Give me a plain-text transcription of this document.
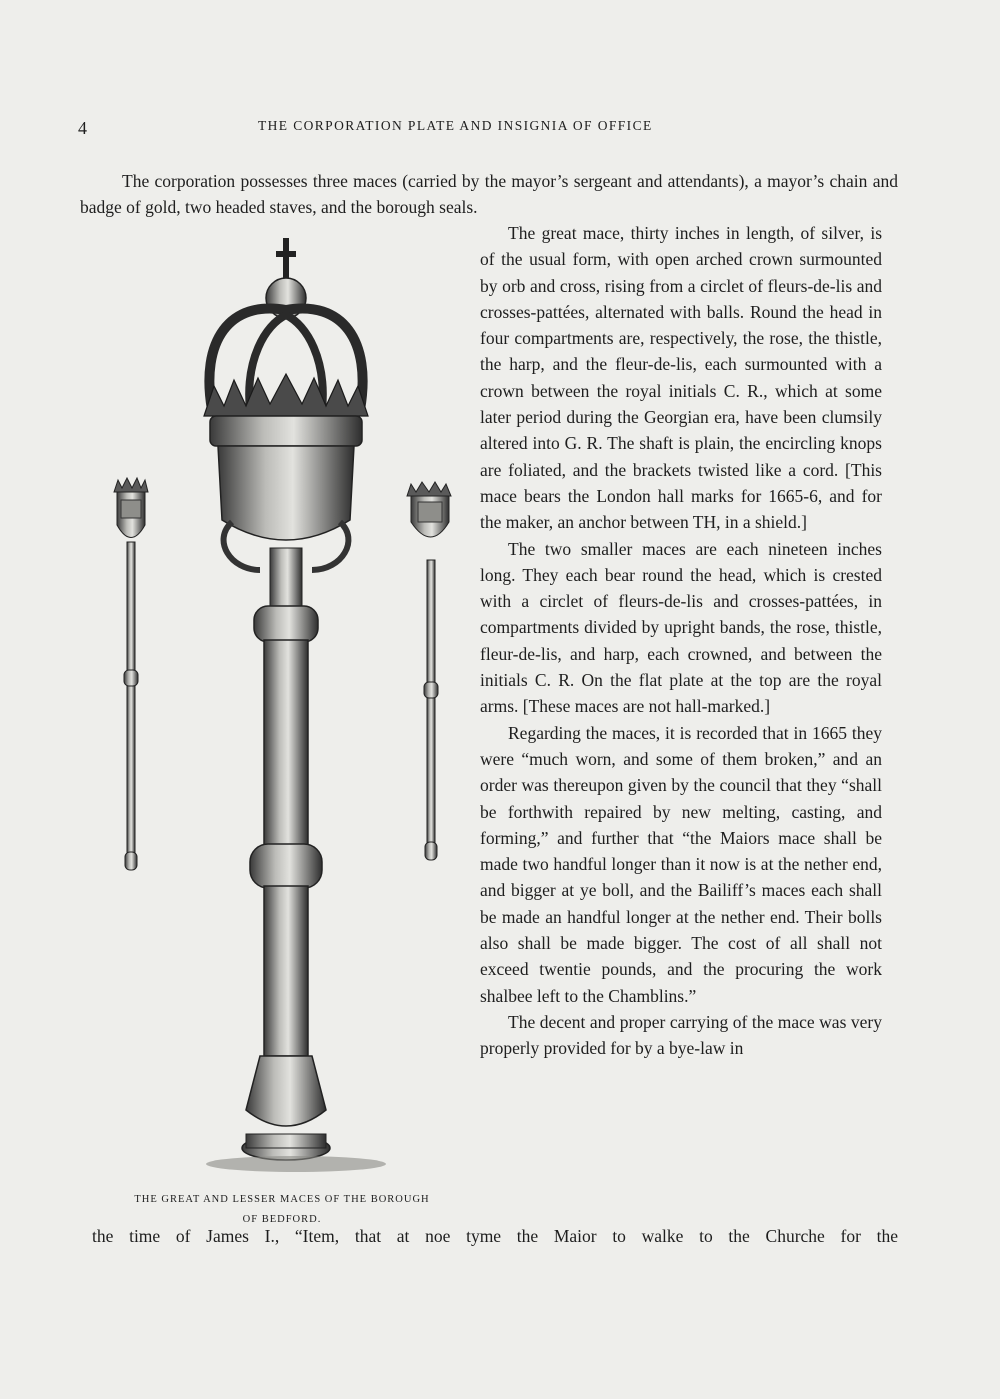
4	THE CORPORATION PLATE AND INSIGNIA OF OFFICE

The corporation possesses three maces (carried by the mayor’s sergeant and attendants), a mayor’s chain and badge of gold, two headed staves, and the borough seals.

The great mace, thirty inches in length, of silver, is of the usual form, with open arched crown surmounted by orb and cross, rising from a circlet of fleurs-de-lis and crosses-pattées, alternated with balls. Round the head in four compartments are, respectively, the rose, the thistle, the harp, and the fleur-de-lis, each surmounted with a crown between the royal initials C. R., which at some later period during the Georgian era, have been clumsily altered into G. R. The shaft is plain, the encircling knops are foliated, and the brackets twisted like a cord. [This mace bears the London hall marks for 1665-6, and for the maker, an anchor between TH, in a shield.]

The two smaller maces are each nineteen inches long. They each bear round the head, which is crested with a circlet of fleurs-de-lis and crosses-pattées, in compartments divided by upright bands, the rose, thistle, fleur-de-lis, and harp, each crowned, and between the initials C. R. On the flat plate at the top are the royal arms. [These maces are not hall-marked.]

Regarding the maces, it is recorded that in 1665 they were “much worn, and some of them broken,” and an order was thereupon given by the council that they “shall be forthwith repaired by new melting, casting, and forming,” and further that “the Maiors mace shall be made two handful longer than it now is at the nether end, and bigger at ye boll, and the Bailiff’s maces each shall be made an handful longer at the nether end. Their bolls also shall be made bigger. The cost of all shall not exceed twentie pounds, and the procuring the work shalbee left to the Chamblins.”

The decent and proper carrying of the mace was very properly provided for by a bye-law in

THE GREAT AND LESSER MACES OF THE BOROUGH
OF BEDFORD.

the time of James I., “Item, that at noe tyme the Maior to walke to the Churche for the
